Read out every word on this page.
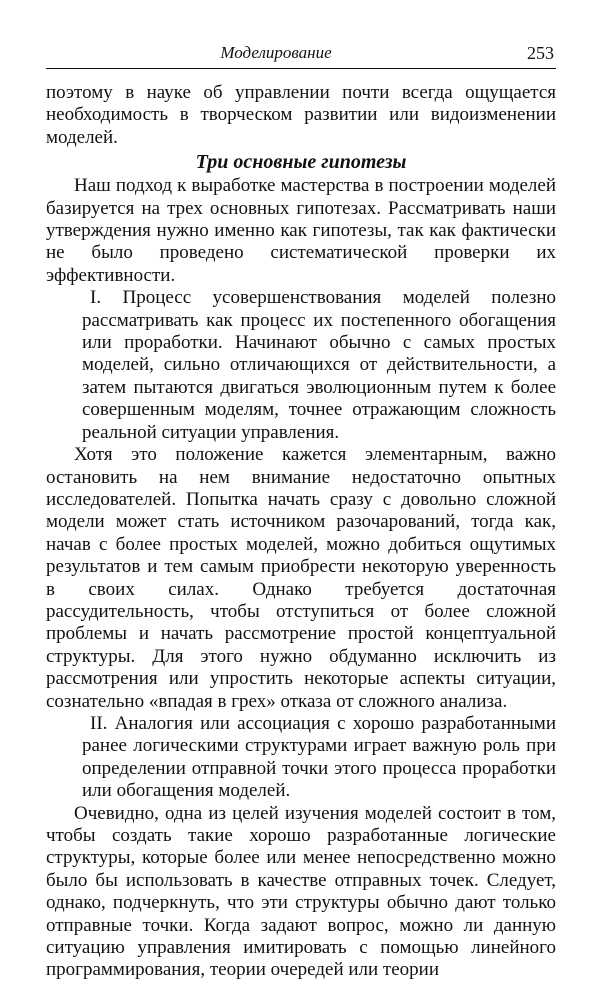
Моделирование	253

поэтому в науке об управлении почти всегда ощущается необходимость в творческом развитии или видоизменении моделей.

Три основные гипотезы

Наш подход к выработке мастерства в построении моделей базируется на трех основных гипотезах. Рассматривать наши утверждения нужно именно как гипотезы, так как фактически не было проведено систематической проверки их эффективности.

I. Процесс усовершенствования моделей полезно рассматривать как процесс их постепенного обогащения или проработки. Начинают обычно с самых простых моделей, сильно отличающихся от действительности, а затем пытаются двигаться эволюционным путем к более совершенным моделям, точнее отражающим сложность реальной ситуации управления.

Хотя это положение кажется элементарным, важно остановить на нем внимание недостаточно опытных исследователей. Попытка начать сразу с довольно сложной модели может стать источником разочарований, тогда как, начав с более простых моделей, можно добиться ощутимых результатов и тем самым приобрести некоторую уверенность в своих силах. Однако требуется достаточная рассудительность, чтобы отступиться от более сложной проблемы и начать рассмотрение простой концептуальной структуры. Для этого нужно обдуманно исключить из рассмотрения или упростить некоторые аспекты ситуации, сознательно «впадая в грех» отказа от сложного анализа.

II. Аналогия или ассоциация с хорошо разработанными ранее логическими структурами играет важную роль при определении отправной точки этого процесса проработки или обогащения моделей.

Очевидно, одна из целей изучения моделей состоит в том, чтобы создать такие хорошо разработанные логические структуры, которые более или менее непосредственно можно было бы использовать в качестве отправных точек. Следует, однако, подчеркнуть, что эти структуры обычно дают только отправные точки. Когда задают вопрос, можно ли данную ситуацию управления имитировать с помощью линейного программирования, теории очередей или теории
